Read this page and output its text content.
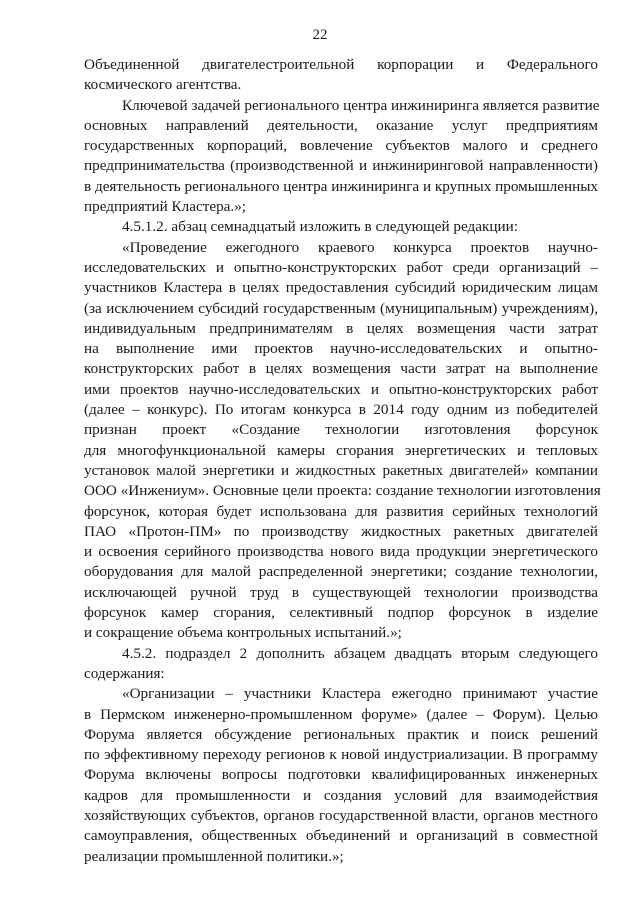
22
Объединенной двигателестроительной корпорации и Федерального
космического агентства.
Ключевой задачей регионального центра инжиниринга является развитие
основных направлений деятельности, оказание услуг предприятиям
государственных корпораций, вовлечение субъектов малого и среднего
предпринимательства (производственной и инжиниринговой направленности)
в деятельность регионального центра инжиниринга и крупных промышленных
предприятий Кластера.»;
4.5.1.2. абзац семнадцатый изложить в следующей редакции:
«Проведение ежегодного краевого конкурса проектов научно-
исследовательских и опытно-конструкторских работ среди организаций –
участников Кластера в целях предоставления субсидий юридическим лицам
(за исключением субсидий государственным (муниципальным) учреждениям),
индивидуальным предпринимателям в целях возмещения части затрат
на выполнение ими проектов научно-исследовательских и опытно-
конструкторских работ в целях возмещения части затрат на выполнение
ими проектов научно-исследовательских и опытно-конструкторских работ
(далее – конкурс). По итогам конкурса в 2014 году одним из победителей
признан проект «Создание технологии изготовления форсунок
для многофункциональной камеры сгорания энергетических и тепловых
установок малой энергетики и жидкостных ракетных двигателей» компании
ООО «Инжениум». Основные цели проекта: создание технологии изготовления
форсунок, которая будет использована для развития серийных технологий
ПАО «Протон-ПМ» по производству жидкостных ракетных двигателей
и освоения серийного производства нового вида продукции энергетического
оборудования для малой распределенной энергетики; создание технологии,
исключающей ручной труд в существующей технологии производства
форсунок камер сгорания, селективный подпор форсунок в изделие
и сокращение объема контрольных испытаний.»;
4.5.2. подраздел 2 дополнить абзацем двадцать вторым следующего
содержания:
«Организации – участники Кластера ежегодно принимают участие
в Пермском инженерно-промышленном форуме» (далее – Форум). Целью
Форума является обсуждение региональных практик и поиск решений
по эффективному переходу регионов к новой индустриализации. В программу
Форума включены вопросы подготовки квалифицированных инженерных
кадров для промышленности и создания условий для взаимодействия
хозяйствующих субъектов, органов государственной власти, органов местного
самоуправления, общественных объединений и организаций в совместной
реализации промышленной политики.»;
